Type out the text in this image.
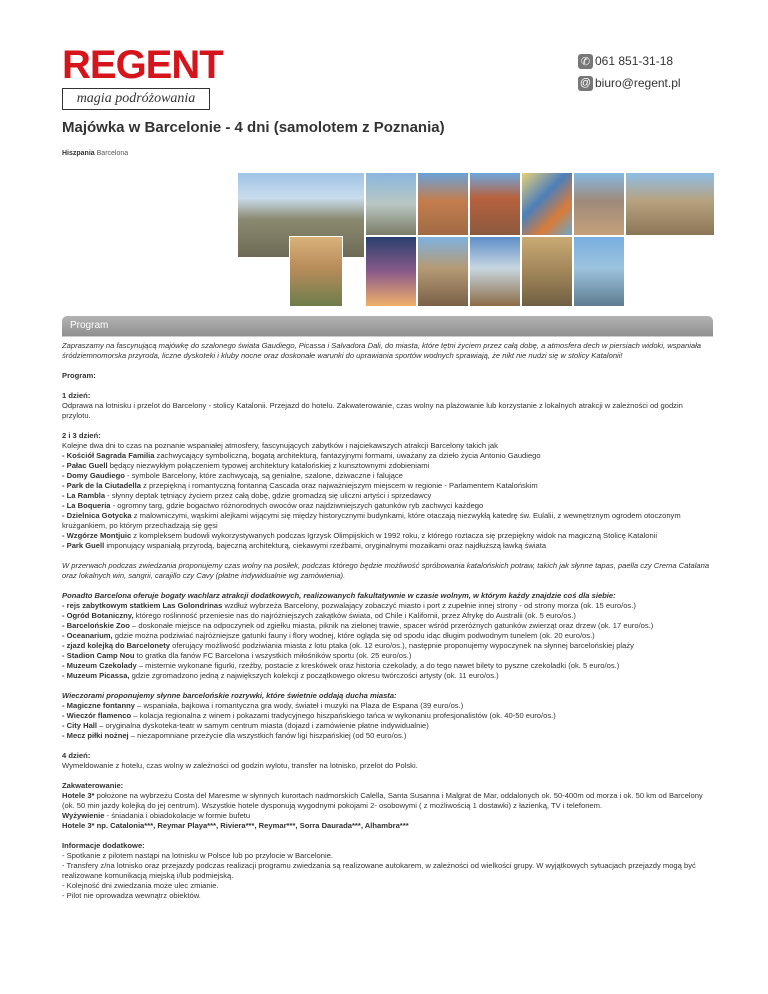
REGENT
magia podróżowania
✆ 061 851-31-18
@ biuro@regent.pl
Majówka w Barcelonie - 4 dni (samolotem z Poznania)
Hiszpania Barcelona
Program

Zapraszamy na fascynującą majówkę do szalonego świata Gaudiego, Picassa i Salvadora Dali, do miasta, które tętni życiem przez całą dobę, a atmosfera dech w piersiach widoki, wspaniała śródziemnomorska przyroda, liczne dyskoteki i kluby nocne oraz doskonałe warunki do uprawiania sportów wodnych sprawiają, że nikt nie nudzi się w stolicy Katalonii!

Program:

1 dzień:
Odprawa na lotnisku i przelot do Barcelony - stolicy Katalonii. Przejazd do hotelu. Zakwaterowanie, czas wolny na plażowanie lub korzystanie z lokalnych atrakcji w zależności od godzin przylotu.

2 i 3 dzień:
Kolejne dwa dni to czas na poznanie wspaniałej atmosfery, fascynujących zabytków i najciekawszych atrakcji Barcelony takich jak
- Kościół Sagrada Familia zachwycający symboliczną, bogatą architekturą, fantazyjnymi formami, uważany za dzieło życia Antonio Gaudiego
- Pałac Guell będący niezwykłym połączeniem typowej architektury katalońskiej z kunsztownymi zdobieniami
- Domy Gaudiego - symbole Barcelony, które zachwycają, są genialne, szalone, dziwaczne i falujące
- Park de la Ciutadella z przepiękną i romantyczną fontanną Cascada oraz najważniejszym miejscem w regionie - Parlamentem Katalońskim
- La Rambla - słynny deptak tętniący życiem przez całą dobę, gdzie gromadzą się uliczni artyści i sprzedawcy
- La Boqueria - ogromny targ, gdzie bogactwo różnorodnych owoców oraz najdziwniejszych gatunków ryb zachwyci każdego
- Dzielnica Gotycka z malowniczymi, wąskimi alejkami wijącymi się między historycznymi budynkami, które otaczają niezwykłą katedrę św. Eulalii, z wewnętrznym ogrodem otoczonym krużgankiem, po którym przechadzają się gęsi
- Wzgórze Montjuic z kompleksem budowli wykorzystywanych podczas Igrzysk Olimpijskich w 1992 roku, z którego roztacza się przepiękny widok na magiczną Stolicę Katalonii
- Park Guell imponujący wspaniałą przyrodą, bajeczną architekturą, ciekawymi rzeźbami, oryginalnymi mozaikami oraz najdłuższą ławką świata

W przerwach podczas zwiedzania proponujemy czas wolny na posiłek, podczas którego będzie możliwość spróbowania katalońskich potraw, takich jak słynne tapas, paella czy Crema Catalana oraz lokalnych win, sangrii, carajillo czy Cavy (płatne indywidualnie wg zamówienia).

Ponadto Barcelona oferuje bogaty wachlarz atrakcji dodatkowych, realizowanych fakultatywnie w czasie wolnym, w którym każdy znajdzie coś dla siebie:
- rejs zabytkowym statkiem Las Golondrinas wzdłuż wybrzeża Barcelony, pozwalający zobaczyć miasto i port z zupełnie innej strony - od strony morza (ok. 15 euro/os.)
- Ogród Botaniczny, którego roślinność przeniesie nas do najróżniejszych zakątków świata, od Chile i Kalifornii, przez Afrykę do Australii (ok. 5 euro/os.)
- Barcelońskie Zoo – doskonałe miejsce na odpoczynek od zgiełku miasta, piknik na zielonej trawie, spacer wśród przeróżnych gatunków zwierząt oraz drzew (ok. 17 euro/os.)
- Oceanarium, gdzie można podziwiać najróżniejsze gatunki fauny i flory wodnej, które ogląda się od spodu idąc długim podwodnym tunelem (ok. 20 euro/os.)
- zjazd kolejką do Barcelonety oferujący możliwość podziwiania miasta z lotu ptaka (ok. 12 euro/os.), następnie proponujemy wypoczynek na słynnej barcelońskiej plaży
- Stadion Camp Nou to gratka dla fanów FC Barcelona i wszystkich miłośników sportu (ok. 25 euro/os.)
- Muzeum Czekolady – misternie wykonane figurki, rzeźby, postacie z kreskówek oraz historia czekolady, a do tego nawet bilety to pyszne czekoladki (ok. 5 euro/os.)
- Muzeum Picassa, gdzie zgromadzono jedną z największych kolekcji z początkowego okresu twórczości artysty (ok. 11 euro/os.)

Wieczorami proponujemy słynne barcelońskie rozrywki, które świetnie oddają ducha miasta:
- Magiczne fontanny – wspaniała, bajkowa i romantyczna gra wody, świateł i muzyki na Plaza de Espana (39 euro/os.)
- Wieczór flamenco – kolacja regionalna z winem i pokazami tradycyjnego hiszpańskiego tańca w wykonaniu profesjonalistów (ok. 40-50 euro/os.)
- City Hall – oryginalna dyskoteka-teatr w samym centrum miasta (dojazd i zamówienie płatne indywidualnie)
- Mecz piłki nożnej – niezapomniane przeżycie dla wszystkich fanów ligi hiszpańskiej (od 50 euro/os.)

4 dzień:
Wymeldowanie z hotelu, czas wolny w zależności od godzin wylotu, transfer na lotnisko, przelot do Polski.

Zakwaterowanie:
Hotele 3* położone na wybrzeżu Costa del Maresme w słynnych kurortach nadmorskich Calella, Santa Susanna i Malgrat de Mar, oddalonych ok. 50-400m od morza i ok. 50 km od Barcelony (ok. 50 min jazdy kolejką do jej centrum). Wszystkie hotele dysponują wygodnymi pokojami 2- osobowymi ( z możliwością 1 dostawki) z łazienką, TV i telefonem.
Wyżywienie - śniadania i obiadokolacje w formie bufetu
Hotele 3* np. Catalonia***, Reymar Playa***, Riviera***, Reymar***, Sorra Daurada***, Alhambra***

Informacje dodatkowe:
- Spotkanie z pilotem nastąpi na lotnisku w Polsce lub po przylocie w Barcelonie.
- Transfery z/na lotnisko oraz przejazdy podczas realizacji programu zwiedzania są realizowane autokarem, w zależności od wielkości grupy. W wyjątkowych sytuacjach przejazdy mogą być realizowane komunikacją miejską i/lub podmiejską.
- Kolejność dni zwiedzania może ulec zmianie.
- Pilot nie oprowadza wewnątrz obiektów.
